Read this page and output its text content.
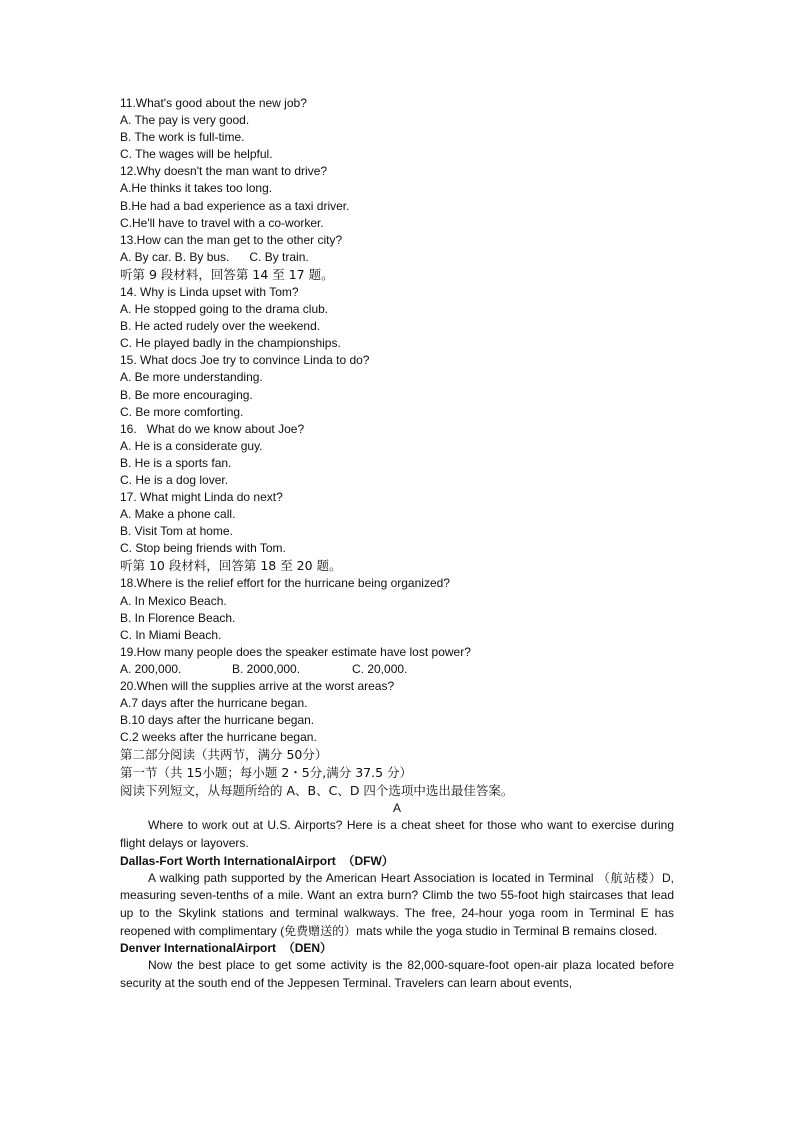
11.What's good about the new job?

A. The pay is very good.

B. The work is full-time.

C. The wages will be helpful.

12.Why doesn't the man want to drive?

A.He thinks it takes too long.

B.He had a bad experience as a taxi driver.

C.He'll have to travel with a co-worker.

13.How can the man get to the other city?

A. By car. B. By bus.      C. By train.

听第 9 段材料，回答第 14 至 17 题。

14. Why is Linda upset with Tom?

A. He stopped going to the drama club.

B. He acted rudely over the weekend.

C. He played badly in the championships.

15. What docs Joe try to convince Linda to do?

A. Be more understanding.

B. Be more encouraging.

C. Be more comforting.

16.   What do we know about Joe?

A. He is a considerate guy.

B. He is a sports fan.

C. He is a dog lover.

17. What might Linda do next?

A. Make a phone call.

B. Visit Tom at home.

C. Stop being friends with Tom.

听第 10 段材料，回答第 18 至 20 题。

18.Where is the relief effort for the hurricane being organized?

A. In Mexico Beach.

B. In Florence Beach.

C. In Miami Beach.

19.How many people does the speaker estimate have lost power?

A. 200,000.	B. 2000,000.	C. 20,000.

20.When will the supplies arrive at the worst areas?

A.7 days after the hurricane began.

B.10 days after the hurricane began.

C.2 weeks after the hurricane began.

第二部分阅读（共两节，满分 50分）

第一节（共 15小题；每小题 2・5分,满分 37.5 分）

阅读下列短文，从每题所给的 A、B、C、D 四个选项中选出最佳答案。

A

Where to work out at U.S. Airports? Here is a cheat sheet for those who want to exercise during flight delays or layovers.

Dallas-Fort Worth InternationalAirport  （DFW）

A walking path supported by the American Heart Association is located in Terminal （航站楼）D, measuring seven-tenths of a mile. Want an extra burn? Climb the two 55-foot high staircases that lead up to the Skylink stations and terminal walkways. The free, 24-hour yoga room in Terminal E has reopened with complimentary (免费赠送的）mats while the yoga studio in Terminal B remains closed.

Denver InternationalAirport  （DEN）

Now the best place to get some activity is the 82,000-square-foot open-air plaza located before security at the south end of the Jeppesen Terminal. Travelers can learn about events,
